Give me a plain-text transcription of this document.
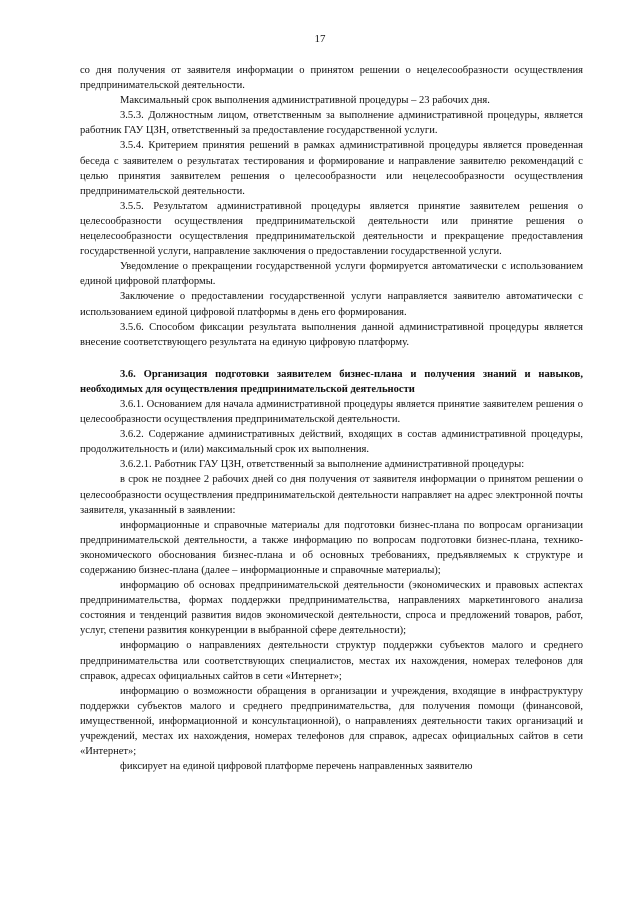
17

со дня получения от заявителя информации о принятом решении о нецелесообразности осуществления предпринимательской деятельности.

Максимальный срок выполнения административной процедуры – 23 рабочих дня.

3.5.3. Должностным лицом, ответственным за выполнение административной процедуры, является работник ГАУ ЦЗН, ответственный за предоставление государственной услуги.

3.5.4. Критерием принятия решений в рамках административной процедуры является проведенная беседа с заявителем о результатах тестирования и формирование и направление заявителю рекомендаций с целью принятия заявителем решения о целесообразности или нецелесообразности осуществления предпринимательской деятельности.

3.5.5. Результатом административной процедуры является принятие заявителем решения о целесообразности осуществления предпринимательской деятельности или принятие решения о нецелесообразности осуществления предпринимательской деятельности и прекращение предоставления государственной услуги, направление заключения о предоставлении государственной услуги.

Уведомление о прекращении государственной услуги формируется автоматически с использованием единой цифровой платформы.

Заключение о предоставлении государственной услуги направляется заявителю автоматически с использованием единой цифровой платформы в день его формирования.

3.5.6. Способом фиксации результата выполнения данной административной процедуры является внесение соответствующего результата на единую цифровую платформу.

3.6. Организация подготовки заявителем бизнес-плана и получения знаний и навыков, необходимых для осуществления предпринимательской деятельности

3.6.1. Основанием для начала административной процедуры является принятие заявителем решения о целесообразности осуществления предпринимательской деятельности.

3.6.2. Содержание административных действий, входящих в состав административной процедуры, продолжительность и (или) максимальный срок их выполнения.

3.6.2.1. Работник ГАУ ЦЗН, ответственный за выполнение административной процедуры:

в срок не позднее 2 рабочих дней со дня получения от заявителя информации о принятом решении о целесообразности осуществления предпринимательской деятельности направляет на адрес электронной почты заявителя, указанный в заявлении:

информационные и справочные материалы для подготовки бизнес-плана по вопросам организации предпринимательской деятельности, а также информацию по вопросам подготовки бизнес-плана, технико-экономического обоснования бизнес-плана и об основных требованиях, предъявляемых к структуре и содержанию бизнес-плана (далее – информационные и справочные материалы);

информацию об основах предпринимательской деятельности (экономических и правовых аспектах предпринимательства, формах поддержки предпринимательства, направлениях маркетингового анализа состояния и тенденций развития видов экономической деятельности, спроса и предложений товаров, работ, услуг, степени развития конкуренции в выбранной сфере деятельности);

информацию о направлениях деятельности структур поддержки субъектов малого и среднего предпринимательства или соответствующих специалистов, местах их нахождения, номерах телефонов для справок, адресах официальных сайтов в сети «Интернет»;

информацию о возможности обращения в организации и учреждения, входящие в инфраструктуру поддержки субъектов малого и среднего предпринимательства, для получения помощи (финансовой, имущественной, информационной и консультационной), о направлениях деятельности таких организаций и учреждений, местах их нахождения, номерах телефонов для справок, адресах официальных сайтов в сети «Интернет»;

фиксирует на единой цифровой платформе перечень направленных заявителю
